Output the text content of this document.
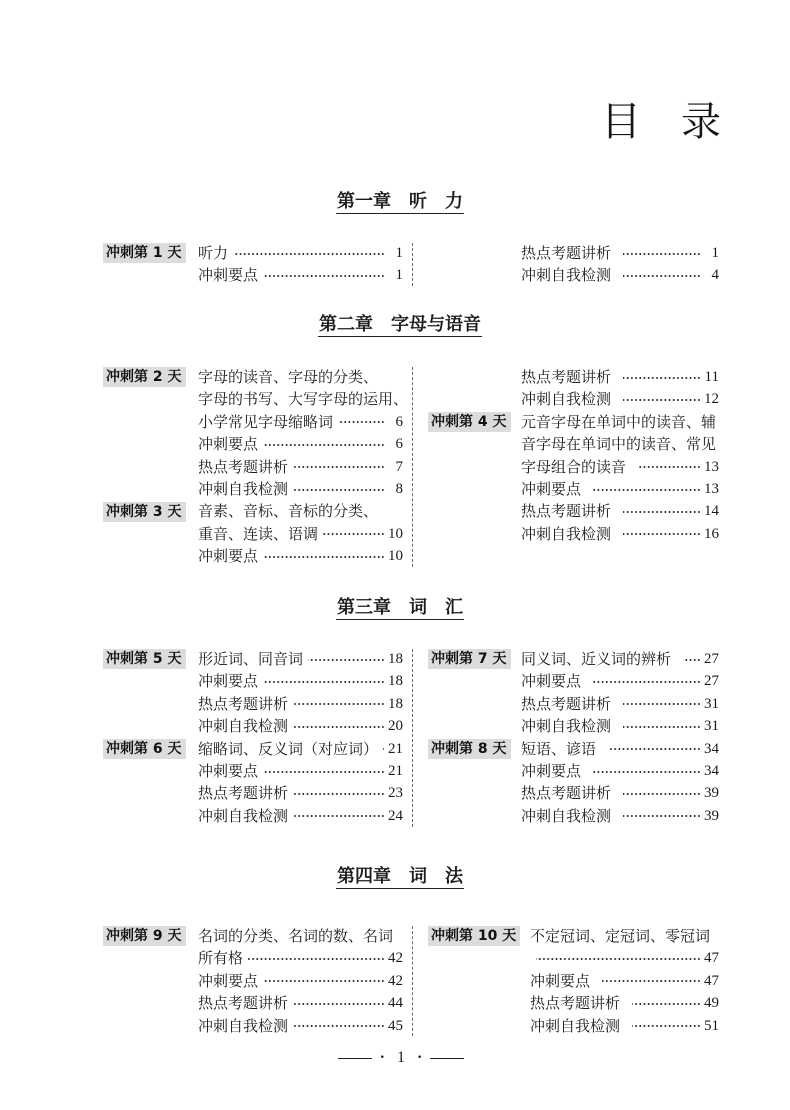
目　录
第一章　听　力
冲刺第 1 天 听力	1
冲刺要点	1
热点考题讲析	1
冲刺自我检测	4
第二章　字母与语音
冲刺第 2 天 字母的读音、字母的分类、
字母的书写、大写字母的运用、
小学常见字母缩略词	6
冲刺要点	6
热点考题讲析	7
冲刺自我检测	8
冲刺第 3 天 音素、音标、音标的分类、
重音、连读、语调	10
冲刺要点	10
热点考题讲析	11
冲刺自我检测	12
冲刺第 4 天 元音字母在单词中的读音、辅
音字母在单词中的读音、常见
字母组合的读音	13
冲刺要点	13
热点考题讲析	14
冲刺自我检测	16
第三章　词　汇
冲刺第 5 天 形近词、同音词	18
冲刺要点	18
热点考题讲析	18
冲刺自我检测	20
冲刺第 6 天 缩略词、反义词（对应词） 21
冲刺要点	21
热点考题讲析	23
冲刺自我检测	24
冲刺第 7 天 同义词、近义词的辨析 27
冲刺要点	27
热点考题讲析	31
冲刺自我检测	31
冲刺第 8 天 短语、谚语	34
冲刺要点	34
热点考题讲析	39
冲刺自我检测	39
第四章　词　法
冲刺第 9 天 名词的分类、名词的数、名词
所有格	42
冲刺要点	42
热点考题讲析	44
冲刺自我检测	45
冲刺第 10 天 不定冠词、定冠词、零冠词
47
冲刺要点	47
热点考题讲析	49
冲刺自我检测	51
· 1 ·
